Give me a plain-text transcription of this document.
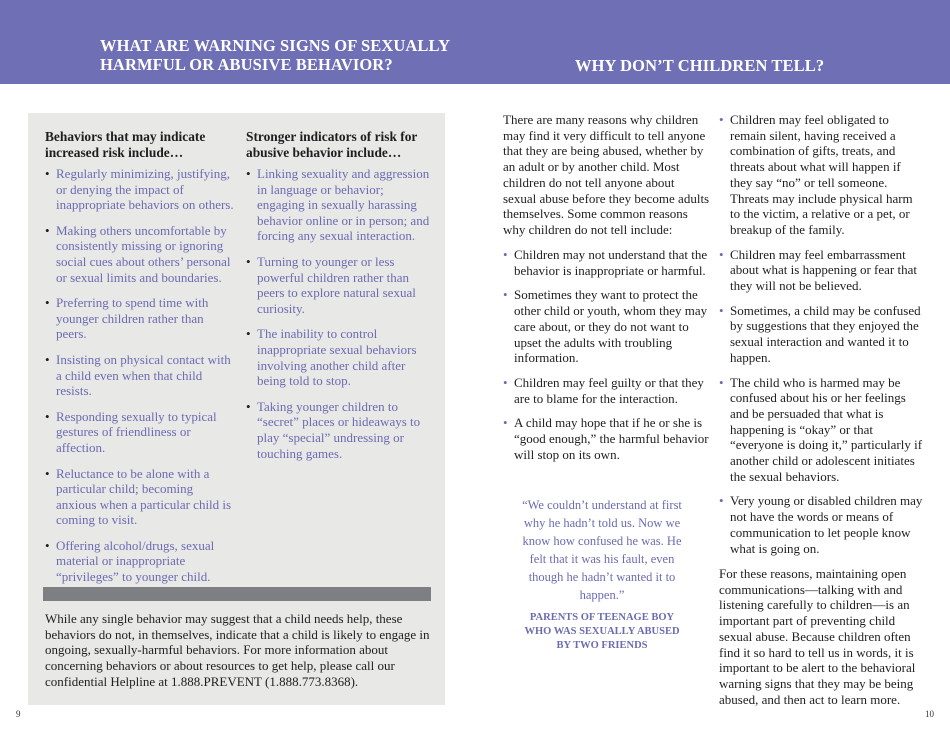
WHAT ARE WARNING SIGNS OF SEXUALLY
HARMFUL OR ABUSIVE BEHAVIOR?	WHY DON’T CHILDREN TELL?
Behaviors that may indicate increased risk include…
• Regularly minimizing, justifying, or denying the impact of inappropriate behaviors on others.
• Making others uncomfortable by consistently missing or ignoring social cues about others’ personal or sexual limits and boundaries.
• Preferring to spend time with younger children rather than peers.
• Insisting on physical contact with a child even when that child resists.
• Responding sexually to typical gestures of friendliness or affection.
• Reluctance to be alone with a particular child; becoming anxious when a particular child is coming to visit.
• Offering alcohol/drugs, sexual material or inappropriate “privileges” to younger child.
Stronger indicators of risk for abusive behavior include…
• Linking sexuality and aggression in language or behavior; engaging in sexually harassing behavior online or in person; and forcing any sexual interaction.
• Turning to younger or less powerful children rather than peers to explore natural sexual curiosity.
• The inability to control inappropriate sexual behaviors involving another child after being told to stop.
• Taking younger children to “secret” places or hideaways to play “special” undressing or touching games.

While any single behavior may suggest that a child needs help, these behaviors do not, in themselves, indicate that a child is likely to engage in ongoing, sexually-harmful behaviors. For more information about concerning behaviors or about resources to get help, please call our confidential Helpline at 1.888.PREVENT (1.888.773.8368).

There are many reasons why children may find it very difficult to tell anyone that they are being abused, whether by an adult or by another child. Most children do not tell anyone about sexual abuse before they become adults themselves. Some common reasons why children do not tell include:

• Children may not understand that the behavior is inappropriate or harmful.
• Sometimes they want to protect the other child or youth, whom they may care about, or they do not want to upset the adults with troubling information.
• Children may feel guilty or that they are to blame for the interaction.
• A child may hope that if he or she is “good enough,” the harmful behavior will stop on its own.
“We couldn’t understand at first why he hadn’t told us. Now we know how confused he was. He felt that it was his fault, even though he hadn’t wanted it to happen.”
PARENTS OF TEENAGE BOY WHO WAS SEXUALLY ABUSED BY TWO FRIENDS
• Children may feel obligated to remain silent, having received a combination of gifts, treats, and threats about what will happen if they say “no” or tell someone. Threats may include physical harm to the victim, a relative or a pet, or breakup of the family.
• Children may feel embarrassment about what is happening or fear that they will not be believed.
• Sometimes, a child may be confused by suggestions that they enjoyed the sexual interaction and wanted it to happen.
• The child who is harmed may be confused about his or her feelings and be persuaded that what is happening is “okay” or that “everyone is doing it,” particularly if another child or adolescent initiates the sexual behaviors.
• Very young or disabled children may not have the words or means of communication to let people know what is going on.

For these reasons, maintaining open communications—talking with and listening carefully to children—is an important part of preventing child sexual abuse. Because children often find it so hard to tell us in words, it is important to be alert to the behavioral warning signs that they may be being abused, and then act to learn more.

9	10
